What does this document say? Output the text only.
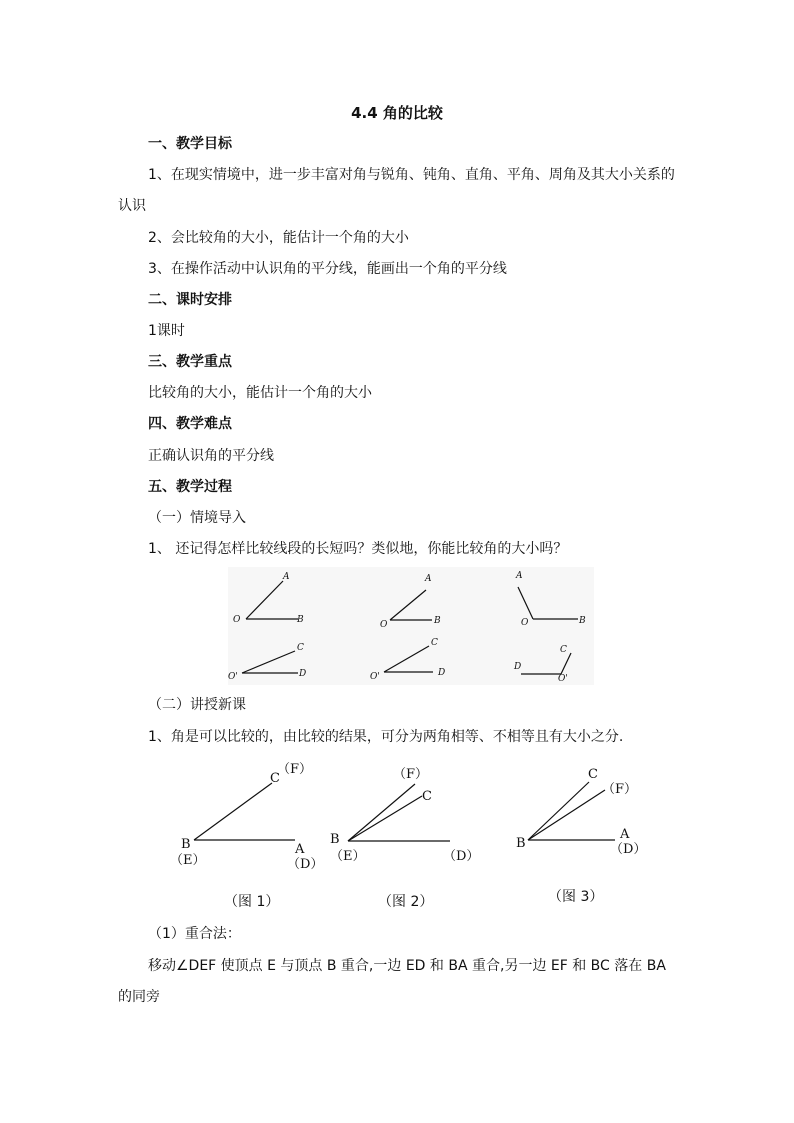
4.4 角的比较
一、教学目标
1、在现实情境中，进一步丰富对角与锐角、钝角、直角、平角、周角及其大小关系的
认识
2、会比较角的大小，能估计一个角的大小
3、在操作活动中认识角的平分线，能画出一个角的平分线
二、课时安排
1课时
三、教学重点
比较角的大小，能估计一个角的大小
四、教学难点
正确认识角的平分线
五、教学过程
（一）情境导入
1、 还记得怎样比较线段的长短吗？类似地，你能比较角的大小吗？
O
A
B	O
A
B
A
O	B
O'
C
D	O'
C
D
D
C
O'
（二）讲授新课
1、角是可以比较的，由比较的结果，可分为两角相等、不相等且有大小之分.
C
（F）
B
（E）
A
（D）
（F）
C
B
（E）	（D）
C
（F）
A
B	（D）
（图 1）	（图 2）	（图 3）
（1）重合法：
移动∠DEF 使顶点 E 与顶点 B 重合,一边 ED 和 BA 重合,另一边 EF 和 BC 落在 BA
的同旁
